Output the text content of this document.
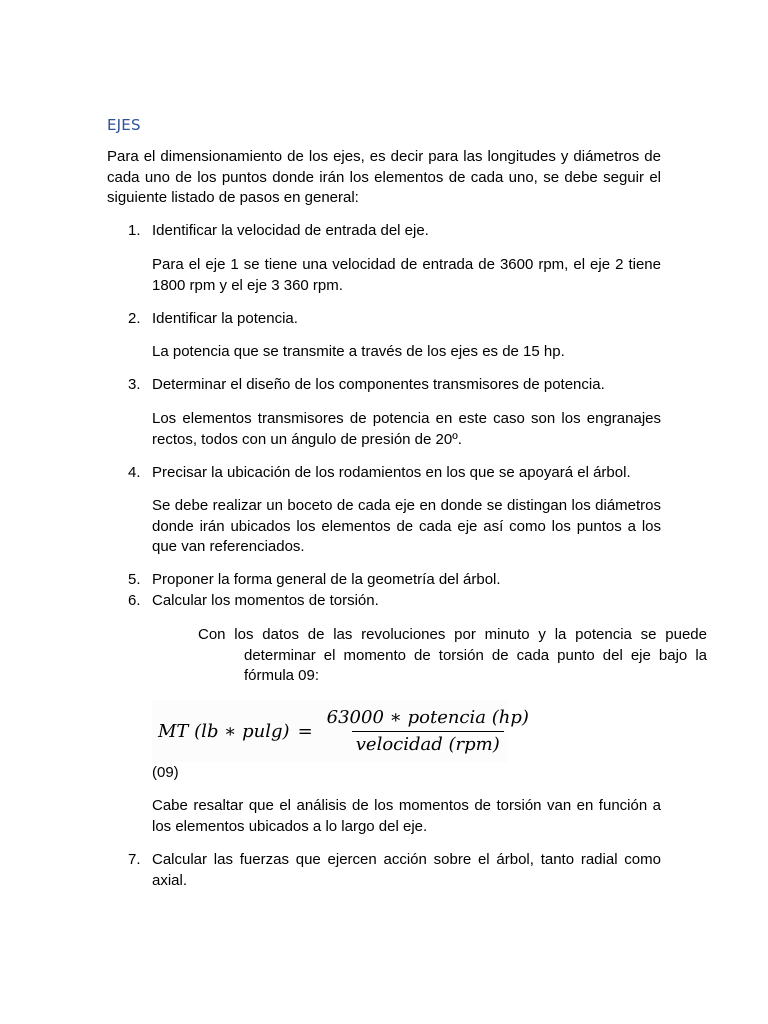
EJES
Para el dimensionamiento de los ejes, es decir para las longitudes y diámetros de cada uno de los puntos donde irán los elementos de cada uno, se debe seguir el siguiente listado de pasos en general:
1. Identificar la velocidad de entrada del eje.
Para el eje 1 se tiene una velocidad de entrada de 3600 rpm, el eje 2 tiene 1800 rpm y el eje 3 360 rpm.
2. Identificar la potencia.
La potencia que se transmite a través de los ejes es de 15 hp.
3. Determinar el diseño de los componentes transmisores de potencia.
Los elementos transmisores de potencia en este caso son los engranajes rectos, todos con un ángulo de presión de 20º.
4. Precisar la ubicación de los rodamientos en los que se apoyará el árbol.
Se debe realizar un boceto de cada eje en donde se distingan los diámetros donde irán ubicados los elementos de cada eje así como los puntos a los que van referenciados.
5. Proponer la forma general de la geometría del árbol.
6. Calcular los momentos de torsión.
Con los datos de las revoluciones por minuto y la potencia se puede determinar el momento de torsión de cada punto del eje bajo la fórmula 09:
MT (lb ∗ $pulg) = \frac{\text{63000 ∗ potencia (hp)}}{\text{velocidad (rpm)}}$
(09)
Cabe resaltar que el análisis de los momentos de torsión van en función a los elementos ubicados a lo largo del eje.
7. Calcular las fuerzas que ejercen acción sobre el árbol, tanto radial como axial.
